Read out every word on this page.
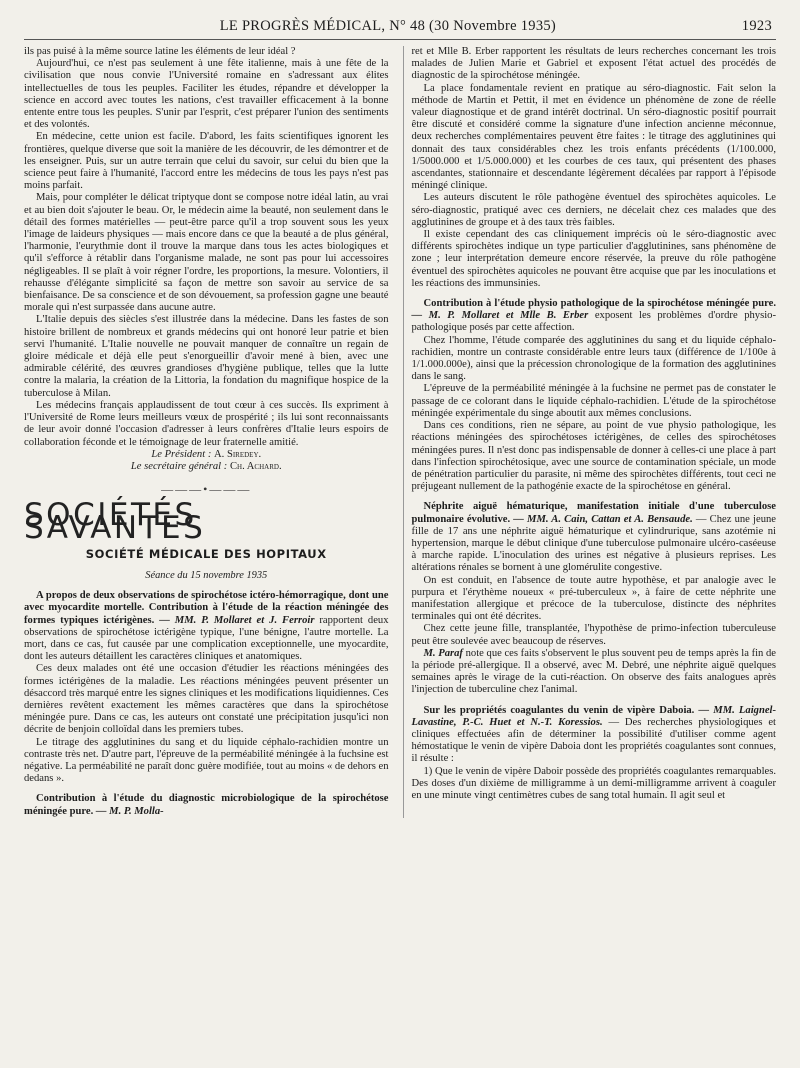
LE PROGRÈS MÉDICAL, N° 48 (30 Novembre 1935)	1923

ils pas puisé à la même source latine les éléments de leur idéal ?

Aujourd'hui, ce n'est pas seulement à une fête italienne, mais à une fête de la civilisation que nous convie l'Université romaine en s'adressant aux élites intellectuelles de tous les peuples. Faciliter les études, répandre et développer la science en accord avec toutes les nations, c'est travailler efficacement à la bonne entente entre tous les peuples. S'unir par l'esprit, c'est préparer l'union des sentiments et des volontés.

En médecine, cette union est facile. D'abord, les faits scientifiques ignorent les frontières, quelque diverse que soit la manière de les découvrir, de les démontrer et de les enseigner. Puis, sur un autre terrain que celui du savoir, sur celui du bien que la science peut faire à l'humanité, l'accord entre les médecins de tous les pays n'est pas moins parfait.

Mais, pour compléter le délicat triptyque dont se compose notre idéal latin, au vrai et au bien doit s'ajouter le beau. Or, le médecin aime la beauté, non seulement dans le détail des formes matérielles — peut-être parce qu'il a trop souvent sous les yeux l'image de laideurs physiques — mais encore dans ce que la beauté a de plus général, l'harmonie, l'eurythmie dont il trouve la marque dans tous les actes biologiques et qu'il s'efforce à rétablir dans l'organisme malade, ne sont pas pour lui accessoires négligeables. Il se plaît à voir régner l'ordre, les proportions, la mesure. Volontiers, il rehausse d'élégante simplicité sa façon de mettre son savoir au service de sa bienfaisance. De sa conscience et de son dévouement, sa profession gagne une beauté morale qui n'est surpassée dans aucune autre.

L'Italie depuis des siècles s'est illustrée dans la médecine. Dans les fastes de son histoire brillent de nombreux et grands médecins qui ont honoré leur patrie et bien servi l'humanité. L'Italie nouvelle ne pouvait manquer de connaître un regain de gloire médicale et déjà elle peut s'enorgueillir d'avoir mené à bien, avec une admirable célérité, des œuvres grandioses d'hygiène publique, telles que la lutte contre la malaria, la création de la Littoria, la fondation du magnifique hospice de la tuberculose à Milan.

Les médecins français applaudissent de tout cœur à ces succès. Ils expriment à l'Université de Rome leurs meilleurs vœux de prospérité ; ils lui sont reconnaissants de leur avoir donné l'occasion d'adresser à leurs confrères d'Italie leurs espoirs de collaboration féconde et le témoignage de leur fraternelle amitié.

Le Président : A. Siredey.

Le secrétaire général : Ch. Achard.

———•———
SOCIÉTÉS SAVANTES
SOCIÉTÉ MÉDICALE DES HOPITAUX
Séance du 15 novembre 1935

A propos de deux observations de spirochétose ictéro-hémorragique, dont une avec myocardite mortelle. Contribution à l'étude de la réaction méningée des formes typiques ictérigènes. — MM. P. Mollaret et J. Ferroir rapportent deux observations de spirochétose ictérigène typique, l'une bénigne, l'autre mortelle. La mort, dans ce cas, fut causée par une complication exceptionnelle, une myocardite, dont les auteurs détaillent les caractères cliniques et anatomiques.

Ces deux malades ont été une occasion d'étudier les réactions méningées des formes ictérigènes de la maladie. Les réactions méningées peuvent présenter un désaccord très marqué entre les signes cliniques et les modifications liquidiennes. Ces dernières revêtent exactement les mêmes caractères que dans la spirochétose méningée pure. Dans ce cas, les auteurs ont constaté une précipitation jusqu'ici non décrite de benjoin colloïdal dans les premiers tubes.

Le titrage des agglutinines du sang et du liquide céphalo-rachidien montre un contraste très net. D'autre part, l'épreuve de la perméabilité méningée à la fuchsine est négative. La perméabilité ne paraît donc guère modifiée, tout au moins « de dehors en dedans ».

Contribution à l'étude du diagnostic microbiologique de la spirochétose méningée pure. — M. P. Molla-

ret et Mlle B. Erber rapportent les résultats de leurs recherches concernant les trois malades de Julien Marie et Gabriel et exposent l'état actuel des procédés de diagnostic de la spirochétose méningée.

La place fondamentale revient en pratique au séro-diagnostic. Fait selon la méthode de Martin et Pettit, il met en évidence un phénomène de zone de réelle valeur diagnostique et de grand intérêt doctrinal. Un séro-diagnostic positif pourrait être discuté et considéré comme la signature d'une infection ancienne méconnue, deux recherches complémentaires peuvent être faites : le titrage des agglutinines qui donnait des taux considérables chez les trois enfants précédents (1/100.000, 1/5000.000 et 1/5.000.000) et les courbes de ces taux, qui présentent des phases ascendantes, stationnaire et descendante légèrement décalées par rapport à l'épisode méningé clinique.

Les auteurs discutent le rôle pathogène éventuel des spirochètes aquicoles. Le séro-diagnostic, pratiqué avec ces derniers, ne décelait chez ces malades que des agglutinines de groupe et à des taux très faibles.

Il existe cependant des cas cliniquement imprécis où le séro-diagnostic avec différents spirochètes indique un type particulier d'agglutinines, sans phénomène de zone ; leur interprétation demeure encore réservée, la preuve du rôle pathogène éventuel des spirochètes aquicoles ne pouvant être acquise que par les inoculations et les réactions des immunsinies.

Contribution à l'étude physio pathologique de la spirochétose méningée pure. — M. P. Mollaret et Mlle B. Erber exposent les problèmes d'ordre physio-pathologique posés par cette affection.

Chez l'homme, l'étude comparée des agglutinines du sang et du liquide céphalo-rachidien, montre un contraste considérable entre leurs taux (différence de 1/100e à 1/1.000.000e), ainsi que la précession chronologique de la formation des agglutinines dans le sang.

L'épreuve de la perméabilité méningée à la fuchsine ne permet pas de constater le passage de ce colorant dans le liquide céphalo-rachidien. L'étude de la spirochétose méningée expérimentale du singe aboutit aux mêmes conclusions.

Dans ces conditions, rien ne sépare, au point de vue physio pathologique, les réactions méningées des spirochétoses ictérigènes, de celles des spirochétoses méningées pures. Il n'est donc pas indispensable de donner à celles-ci une place à part dans l'infection spirochétosique, avec une source de contamination spéciale, un mode de pénétration particulier du parasite, ni même des spirochètes différents, tout ceci ne préjugeant nullement de la pathogénie exacte de la spirochétose en général.

Néphrite aiguë hématurique, manifestation initiale d'une tuberculose pulmonaire évolutive. — MM. A. Cain, Cattan et A. Bensaude. — Chez une jeune fille de 17 ans une néphrite aiguë hématurique et cylindrurique, sans azotémie ni hypertension, marque le début clinique d'une tuberculose pulmonaire ulcéro-caséeuse à marche rapide. L'inoculation des urines est négative à plusieurs reprises. Les altérations rénales se bornent à une glomérulite congestive.

On est conduit, en l'absence de toute autre hypothèse, et par analogie avec le purpura et l'érythème noueux « pré-tuberculeux », à faire de cette néphrite une manifestation allergique et précoce de la tuberculose, distincte des néphrites terminales qui ont été décrites.

Chez cette jeune fille, transplantée, l'hypothèse de primo-infection tuberculeuse peut être soulevée avec beaucoup de réserves.

M. Paraf note que ces faits s'observent le plus souvent peu de temps après la fin de la période pré-allergique. Il a observé, avec M. Debré, une néphrite aiguë quelques semaines après le virage de la cuti-réaction. On observe des faits analogues après l'injection de tuberculine chez l'animal.

Sur les propriétés coagulantes du venin de vipère Daboia. — MM. Laignel-Lavastine, P.-C. Huet et N.-T. Koressios. — Des recherches physiologiques et cliniques effectuées afin de déterminer la possibilité d'utiliser comme agent hémostatique le venin de vipère Daboia dont les propriétés coagulantes sont connues, il résulte :

1) Que le venin de vipère Daboir possède des propriétés coagulantes remarquables. Des doses d'un dixième de milligramme à un demi-milligramme arrivent à coaguler en une minute vingt centimètres cubes de sang total humain. Il agit seul et
